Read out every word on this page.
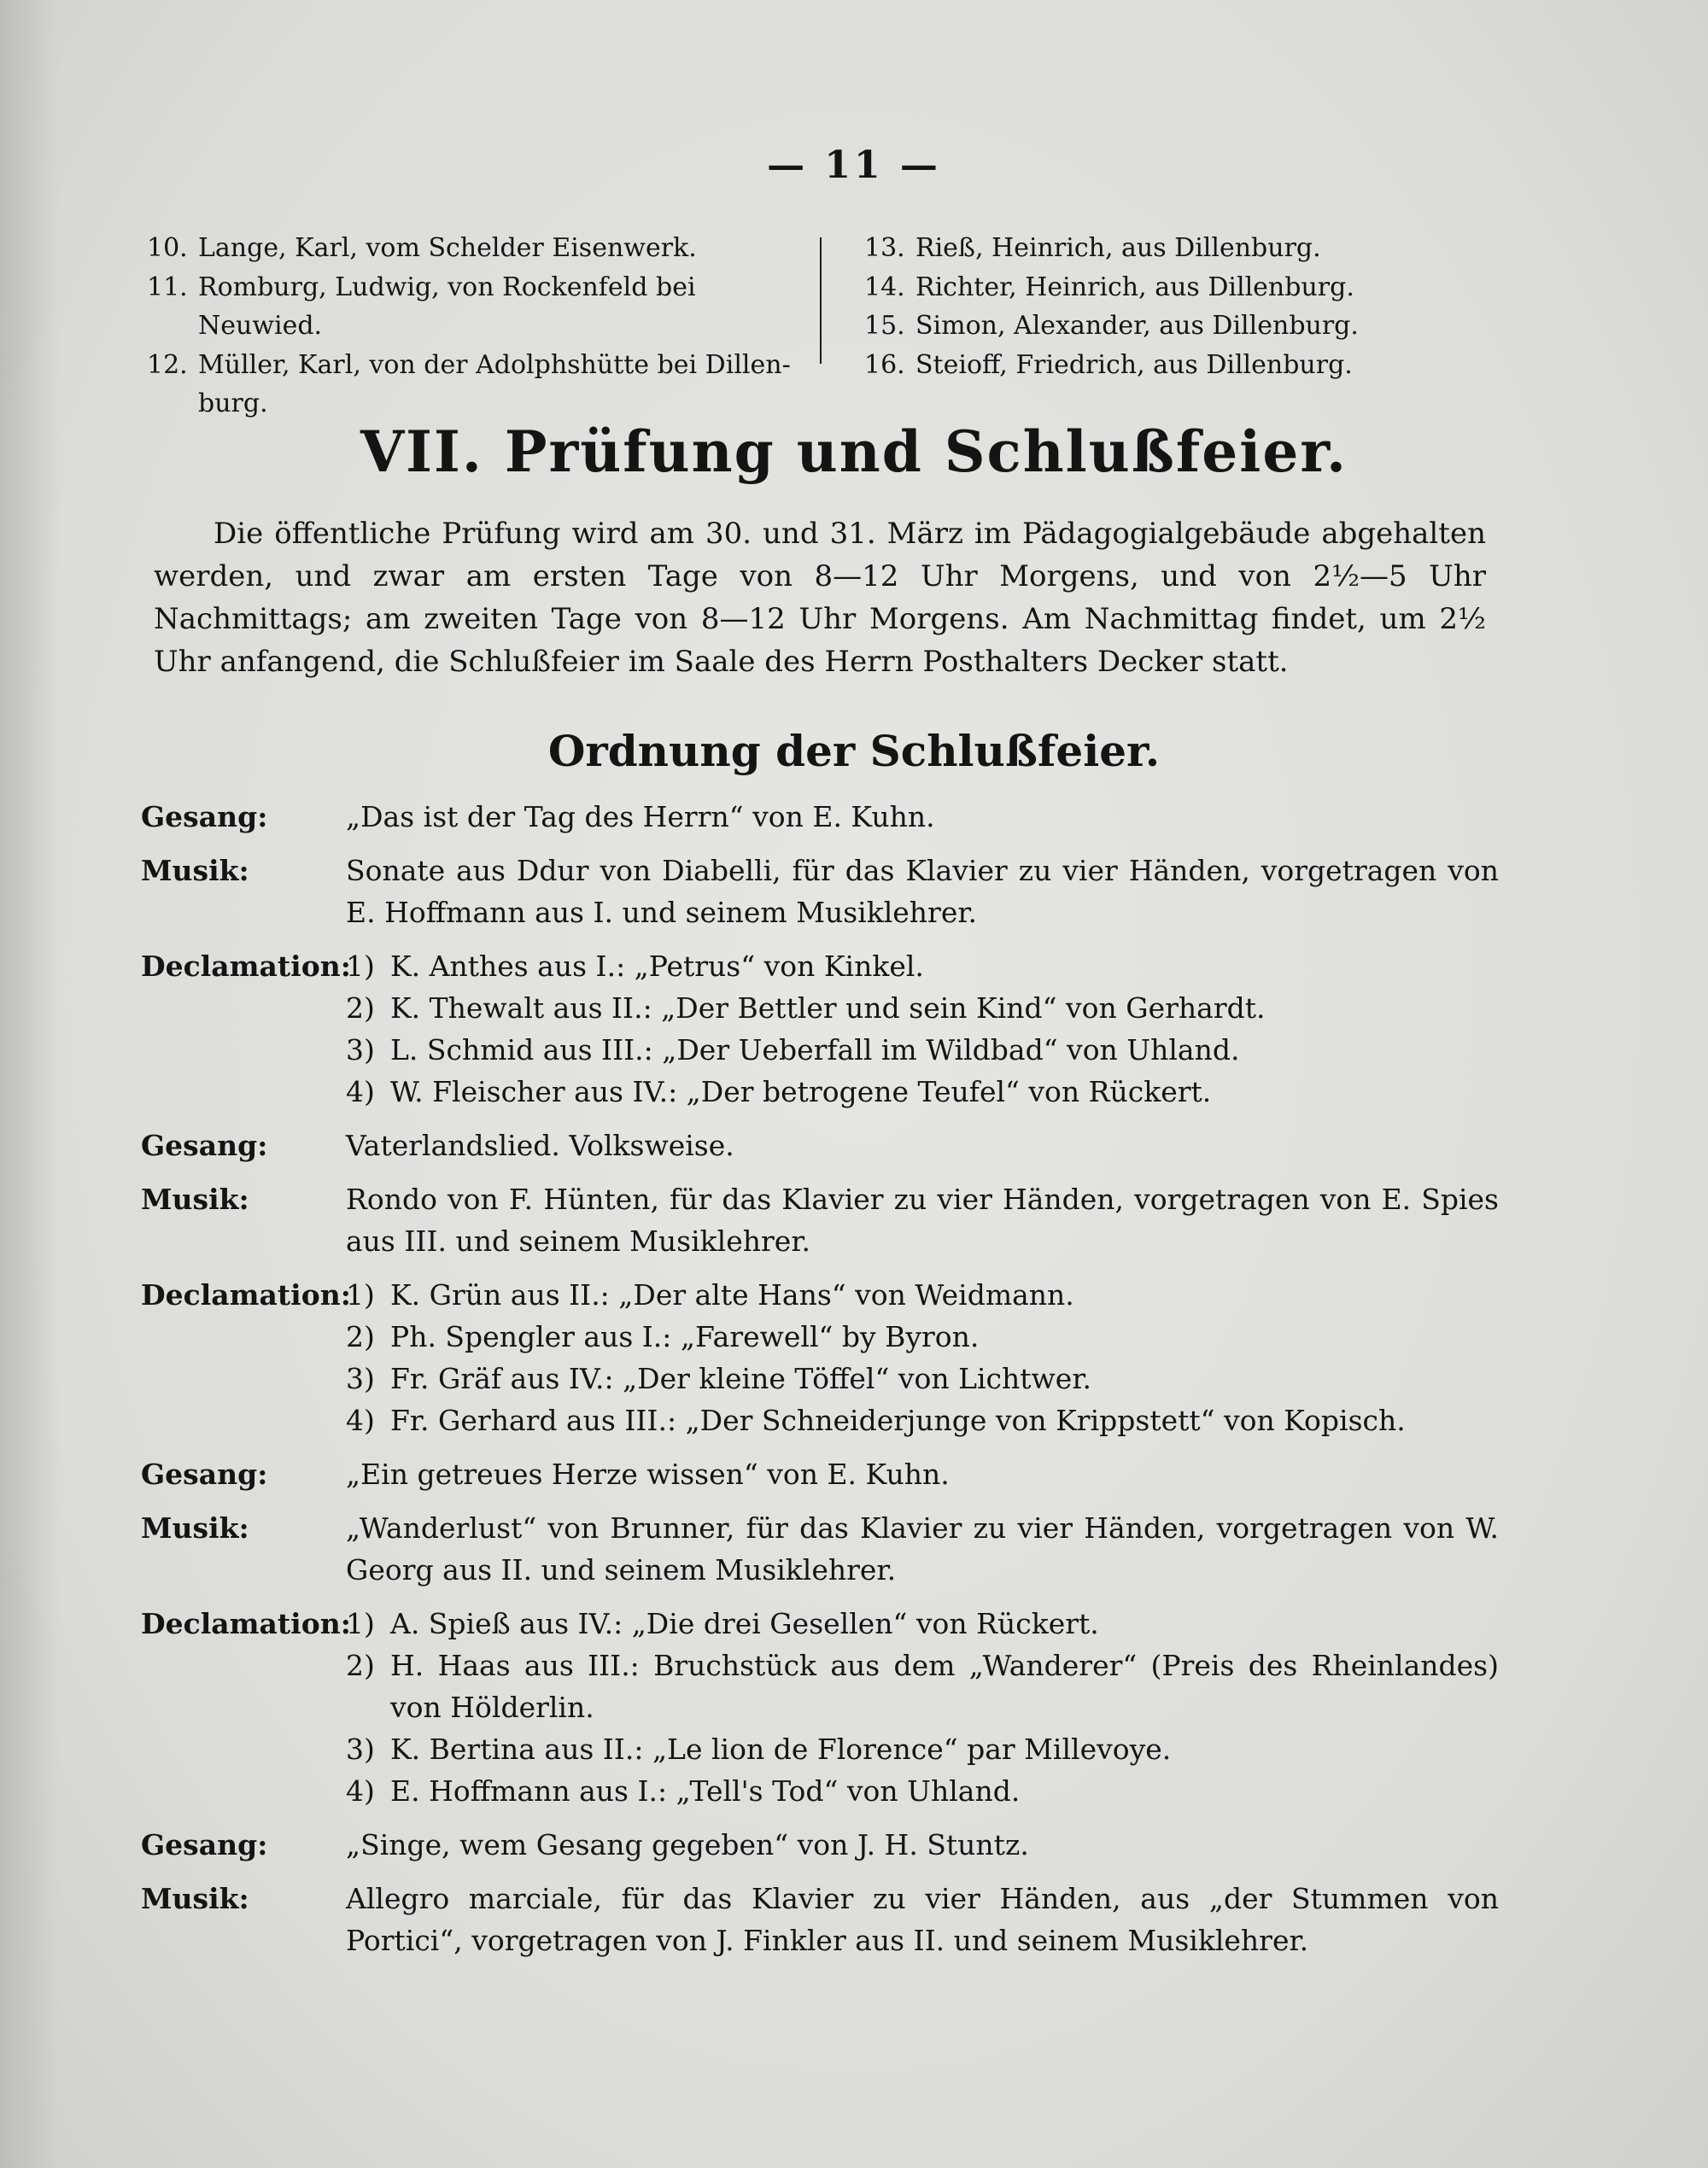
— 11 —
10. Lange, Karl, vom Schelder Eisenwerk.
11. Romburg, Ludwig, von Rockenfeld bei Neuwied.
12. Müller, Karl, von der Adolphshütte bei Dillen-
burg.
13. Rieß, Heinrich, aus Dillenburg.
14. Richter, Heinrich, aus Dillenburg.
15. Simon, Alexander, aus Dillenburg.
16. Steioff, Friedrich, aus Dillenburg.
VII. Prüfung und Schlußfeier.
Die öffentliche Prüfung wird am 30. und 31. März im Pädagogialgebäude abgehalten werden, und zwar am ersten Tage von 8—12 Uhr Morgens, und von 2½—5 Uhr Nachmittags; am zweiten Tage von 8—12 Uhr Morgens. Am Nachmittag findet, um 2½ Uhr anfangend, die Schlußfeier im Saale des Herrn Posthalters Decker statt.
Ordnung der Schlußfeier.
Gesang:	„Das ist der Tag des Herrn“ von E. Kuhn.
Musik:	Sonate aus Ddur von Diabelli, für das Klavier zu vier Händen, vorgetragen von E. Hoffmann aus I. und seinem Musiklehrer.
Declamation:
1) K. Anthes aus I.: „Petrus“ von Kinkel.
2) K. Thewalt aus II.: „Der Bettler und sein Kind“ von Gerhardt.
3) L. Schmid aus III.: „Der Ueberfall im Wildbad“ von Uhland.
4) W. Fleischer aus IV.: „Der betrogene Teufel“ von Rückert.
Gesang:	Vaterlandslied. Volksweise.
Musik:	Rondo von F. Hünten, für das Klavier zu vier Händen, vorgetragen von E. Spies aus III. und seinem Musiklehrer.
Declamation:
1) K. Grün aus II.: „Der alte Hans“ von Weidmann.
2) Ph. Spengler aus I.: „Farewell“ by Byron.
3) Fr. Gräf aus IV.: „Der kleine Töffel“ von Lichtwer.
4) Fr. Gerhard aus III.: „Der Schneiderjunge von Krippstett“ von Kopisch.
Gesang:	„Ein getreues Herze wissen“ von E. Kuhn.
Musik:	„Wanderlust“ von Brunner, für das Klavier zu vier Händen, vorgetragen von W. Georg aus II. und seinem Musiklehrer.
Declamation:
1) A. Spieß aus IV.: „Die drei Gesellen“ von Rückert.
2) H. Haas aus III.: Bruchstück aus dem „Wanderer“ (Preis des Rheinlandes) von Hölderlin.
3) K. Bertina aus II.: „Le lion de Florence“ par Millevoye.
4) E. Hoffmann aus I.: „Tell's Tod“ von Uhland.
Gesang:	„Singe, wem Gesang gegeben“ von J. H. Stuntz.
Musik:	Allegro marciale, für das Klavier zu vier Händen, aus „der Stummen von Portici“, vorgetragen von J. Finkler aus II. und seinem Musiklehrer.
